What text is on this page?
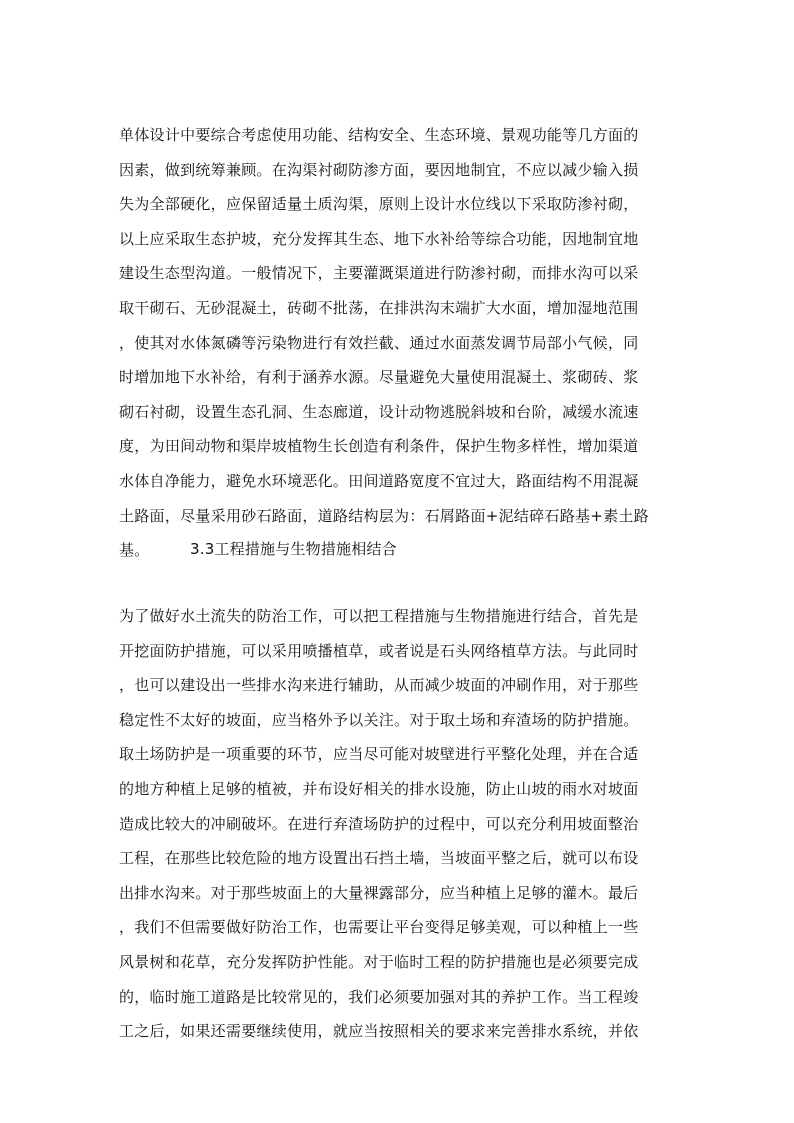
单体设计中要综合考虑使用功能、结构安全、生态环境、景观功能等几方面的
因素，做到统筹兼顾。在沟渠衬砌防渗方面，要因地制宜，不应以减少输入损
失为全部硬化，应保留适量土质沟渠，原则上设计水位线以下采取防渗衬砌，
以上应采取生态护坡，充分发挥其生态、地下水补给等综合功能，因地制宜地
建设生态型沟道。一般情况下，主要灌溉渠道进行防渗衬砌，而排水沟可以采
取干砌石、无砂混凝土，砖砌不批荡，在排洪沟末端扩大水面，增加湿地范围
，使其对水体氮磷等污染物进行有效拦截、通过水面蒸发调节局部小气候，同
时增加地下水补给，有利于涵养水源。尽量避免大量使用混凝土、浆砌砖、浆
砌石衬砌，设置生态孔洞、生态廊道，设计动物逃脱斜坡和台阶，减缓水流速
度，为田间动物和渠岸坡植物生长创造有利条件，保护生物多样性，增加渠道
水体自净能力，避免水环境恶化。田间道路宽度不宜过大，路面结构不用混凝
土路面，尽量采用砂石路面，道路结构层为：石屑路面+泥结碎石路基+素土路
基。	3.3工程措施与生物措施相结合
为了做好水土流失的防治工作，可以把工程措施与生物措施进行结合，首先是
开挖面防护措施，可以采用喷播植草，或者说是石头网络植草方法。与此同时
，也可以建设出一些排水沟来进行辅助，从而减少坡面的冲刷作用，对于那些
稳定性不太好的坡面，应当格外予以关注。对于取土场和弃渣场的防护措施。
取土场防护是一项重要的环节，应当尽可能对坡壁进行平整化处理，并在合适
的地方种植上足够的植被，并布设好相关的排水设施，防止山坡的雨水对坡面
造成比较大的冲刷破坏。在进行弃渣场防护的过程中，可以充分利用坡面整治
工程，在那些比较危险的地方设置出石挡土墙，当坡面平整之后，就可以布设
出排水沟来。对于那些坡面上的大量裸露部分，应当种植上足够的灌木。最后
，我们不但需要做好防治工作，也需要让平台变得足够美观，可以种植上一些
风景树和花草，充分发挥防护性能。对于临时工程的防护措施也是必须要完成
的，临时施工道路是比较常见的，我们必须要加强对其的养护工作。当工程竣
工之后，如果还需要继续使用，就应当按照相关的要求来完善排水系统，并依
